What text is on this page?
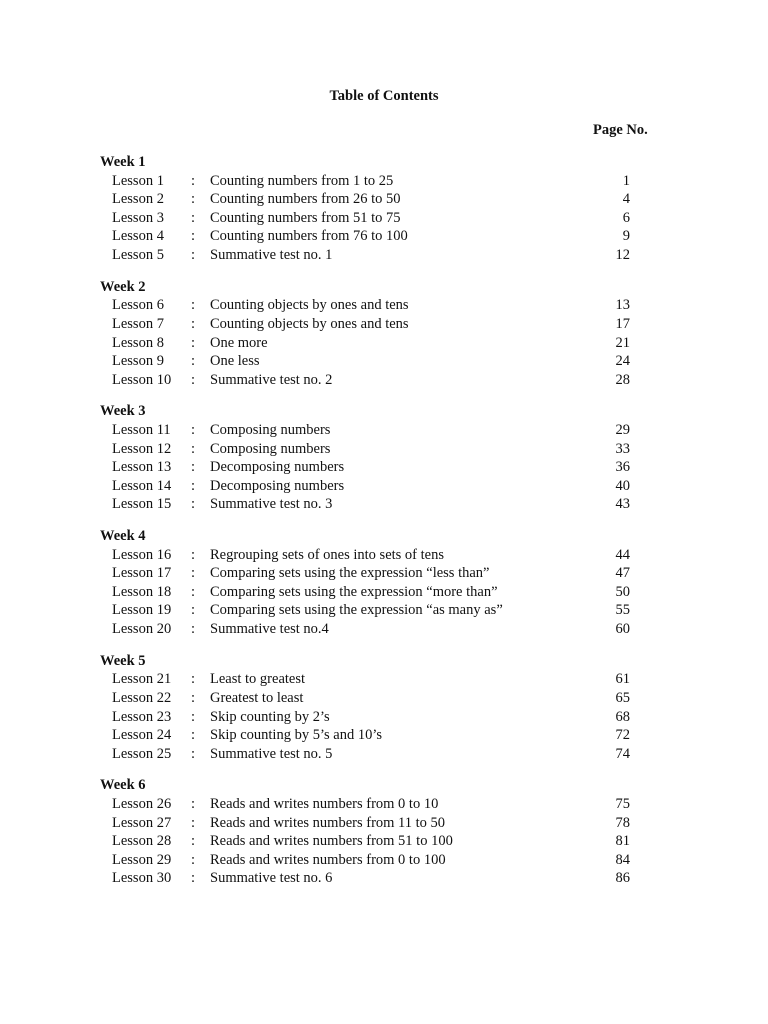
Table of Contents
Page No.
Week 1
Lesson 1 : Counting numbers from 1 to 25	1
Lesson 2 : Counting numbers from 26 to 50	4
Lesson 3 : Counting numbers from 51 to 75	6
Lesson 4 : Counting numbers from 76 to 100	9
Lesson 5 : Summative test no. 1	12
Week 2
Lesson 6 : Counting objects by ones and tens	13
Lesson 7 : Counting objects by ones and tens	17
Lesson 8 : One more	21
Lesson 9 : One less	24
Lesson 10 : Summative test no. 2	28
Week 3
Lesson 11 : Composing numbers	29
Lesson 12 : Composing numbers	33
Lesson 13 : Decomposing numbers	36
Lesson 14 : Decomposing numbers	40
Lesson 15 : Summative test no. 3	43
Week 4
Lesson 16 : Regrouping sets of ones into sets of tens	44
Lesson 17 : Comparing sets using the expression “less than”	47
Lesson 18 : Comparing sets using the expression “more than”	50
Lesson 19 : Comparing sets using the expression “as many as”	55
Lesson 20 : Summative test no.4	60
Week 5
Lesson 21 : Least to greatest	61
Lesson 22 : Greatest to least	65
Lesson 23 : Skip counting by 2’s	68
Lesson 24 : Skip counting by 5’s and 10’s	72
Lesson 25 : Summative test no. 5	74
Week 6
Lesson 26 : Reads and writes numbers from 0 to 10	75
Lesson 27 : Reads and writes numbers from 11 to 50	78
Lesson 28 : Reads and writes numbers from 51 to 100	81
Lesson 29 : Reads and writes numbers from 0 to 100	84
Lesson 30 : Summative test no. 6	86
